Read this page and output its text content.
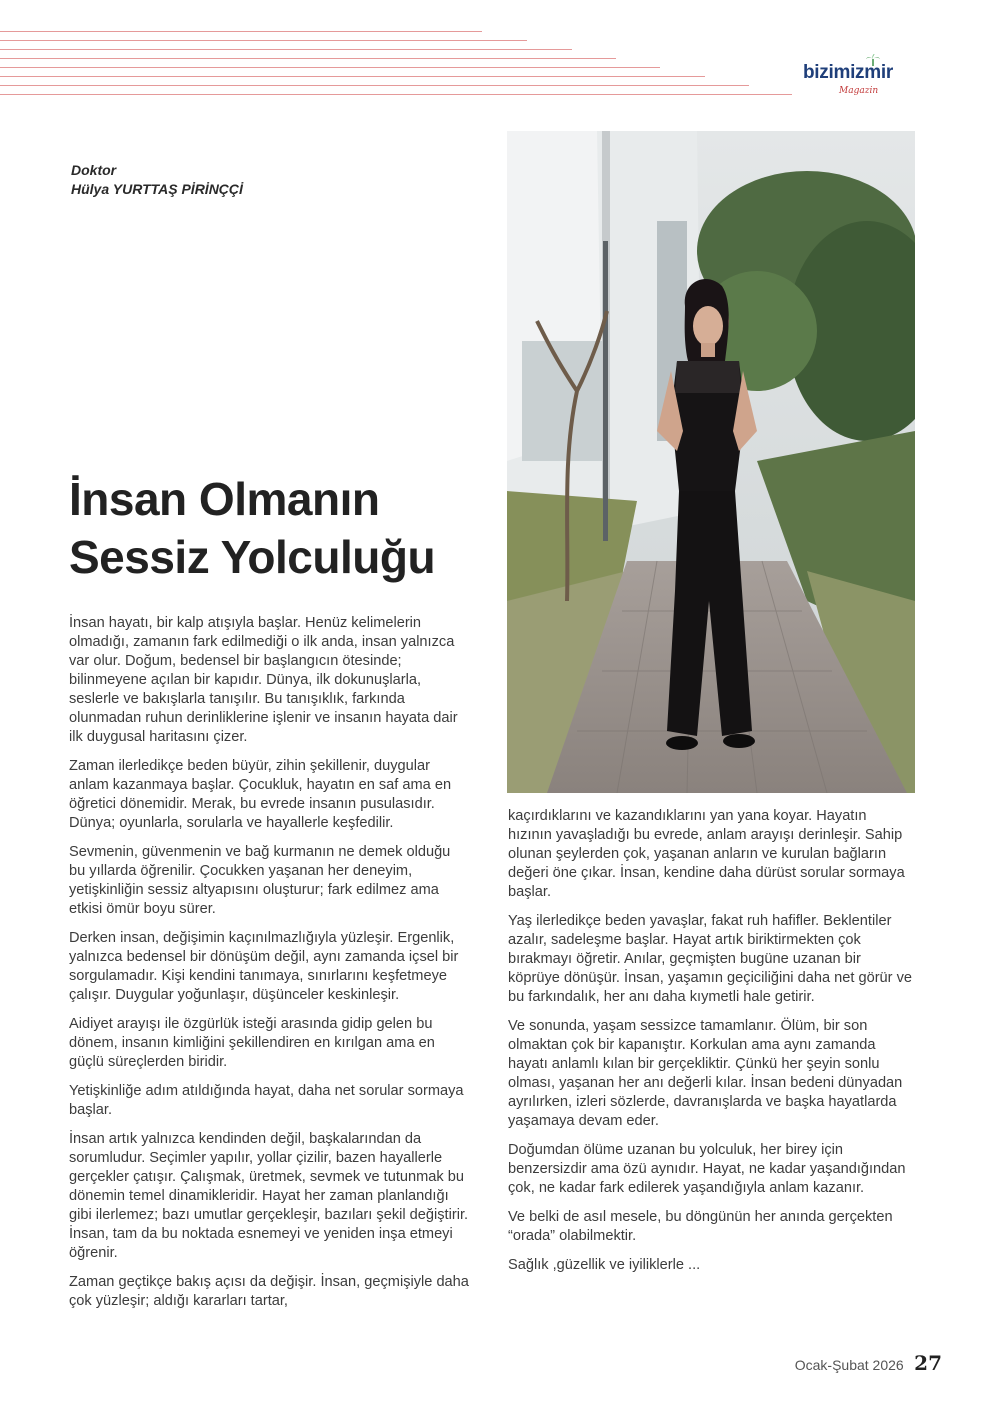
bizimizmir
Magazin
Doktor
Hülya YURTTAŞ PİRİNÇÇİ
İnsan Olmanın
Sessiz Yolculuğu

İnsan hayatı, bir kalp atışıyla başlar. Henüz kelimelerin olmadığı, zamanın fark edilmediği o ilk anda, insan yalnızca var olur. Doğum, bedensel bir başlangıcın ötesinde; bilinmeyene açılan bir kapıdır. Dünya, ilk dokunuşlarla, seslerle ve bakışlarla tanışılır. Bu tanışıklık, farkında olunmadan ruhun derinliklerine işlenir ve insanın hayata dair ilk duygusal haritasını çizer.

Zaman ilerledikçe beden büyür, zihin şekillenir, duygular anlam kazanmaya başlar. Çocukluk, hayatın en saf ama en öğretici dönemidir. Merak, bu evrede insanın pusulasıdır. Dünya; oyunlarla, sorularla ve hayallerle keşfedilir.

Sevmenin, güvenmenin ve bağ kurmanın ne demek olduğu bu yıllarda öğrenilir. Çocukken yaşanan her deneyim, yetişkinliğin sessiz altyapısını oluşturur; fark edilmez ama etkisi ömür boyu sürer.

Derken insan, değişimin kaçınılmazlığıyla yüzleşir. Ergenlik, yalnızca bedensel bir dönüşüm değil, aynı zamanda içsel bir sorgulamadır. Kişi kendini tanımaya, sınırlarını keşfetmeye çalışır. Duygular yoğunlaşır, düşünceler keskinleşir.

Aidiyet arayışı ile özgürlük isteği arasında gidip gelen bu dönem, insanın kimliğini şekillendiren en kırılgan ama en güçlü süreçlerden biridir.

Yetişkinliğe adım atıldığında hayat, daha net sorular sormaya başlar.

İnsan artık yalnızca kendinden değil, başkalarından da sorumludur. Seçimler yapılır, yollar çizilir, bazen hayallerle gerçekler çatışır. Çalışmak, üretmek, sevmek ve tutunmak bu dönemin temel dinamikleridir. Hayat her zaman planlandığı gibi ilerlemez; bazı umutlar gerçekleşir, bazıları şekil değiştirir. İnsan, tam da bu noktada esnemeyi ve yeniden inşa etmeyi öğrenir.

Zaman geçtikçe bakış açısı da değişir. İnsan, geçmişiyle daha çok yüzleşir; aldığı kararları tartar,

kaçırdıklarını ve kazandıklarını yan yana koyar. Hayatın hızının yavaşladığı bu evrede, anlam arayışı derinleşir. Sahip olunan şeylerden çok, yaşanan anların ve kurulan bağların değeri öne çıkar. İnsan, kendine daha dürüst sorular sormaya başlar.

Yaş ilerledikçe beden yavaşlar, fakat ruh hafifler. Beklentiler azalır, sadeleşme başlar. Hayat artık biriktirmekten çok bırakmayı öğretir. Anılar, geçmişten bugüne uzanan bir köprüye dönüşür. İnsan, yaşamın geçiciliğini daha net görür ve bu farkındalık, her anı daha kıymetli hale getirir.

Ve sonunda, yaşam sessizce tamamlanır. Ölüm, bir son olmaktan çok bir kapanıştır. Korkulan ama aynı zamanda hayatı anlamlı kılan bir gerçekliktir. Çünkü her şeyin sonlu olması, yaşanan her anı değerli kılar. İnsan bedeni dünyadan ayrılırken, izleri sözlerde, davranışlarda ve başka hayatlarda yaşamaya devam eder.

Doğumdan ölüme uzanan bu yolculuk, her birey için benzersizdir ama özü aynıdır. Hayat, ne kadar yaşandığından çok, ne kadar fark edilerek yaşandığıyla anlam kazanır.

Ve belki de asıl mesele, bu döngünün her anında gerçekten “orada” olabilmektir.

Sağlık ,güzellik ve iyiliklerle ...

Ocak-Şubat 2026 27
